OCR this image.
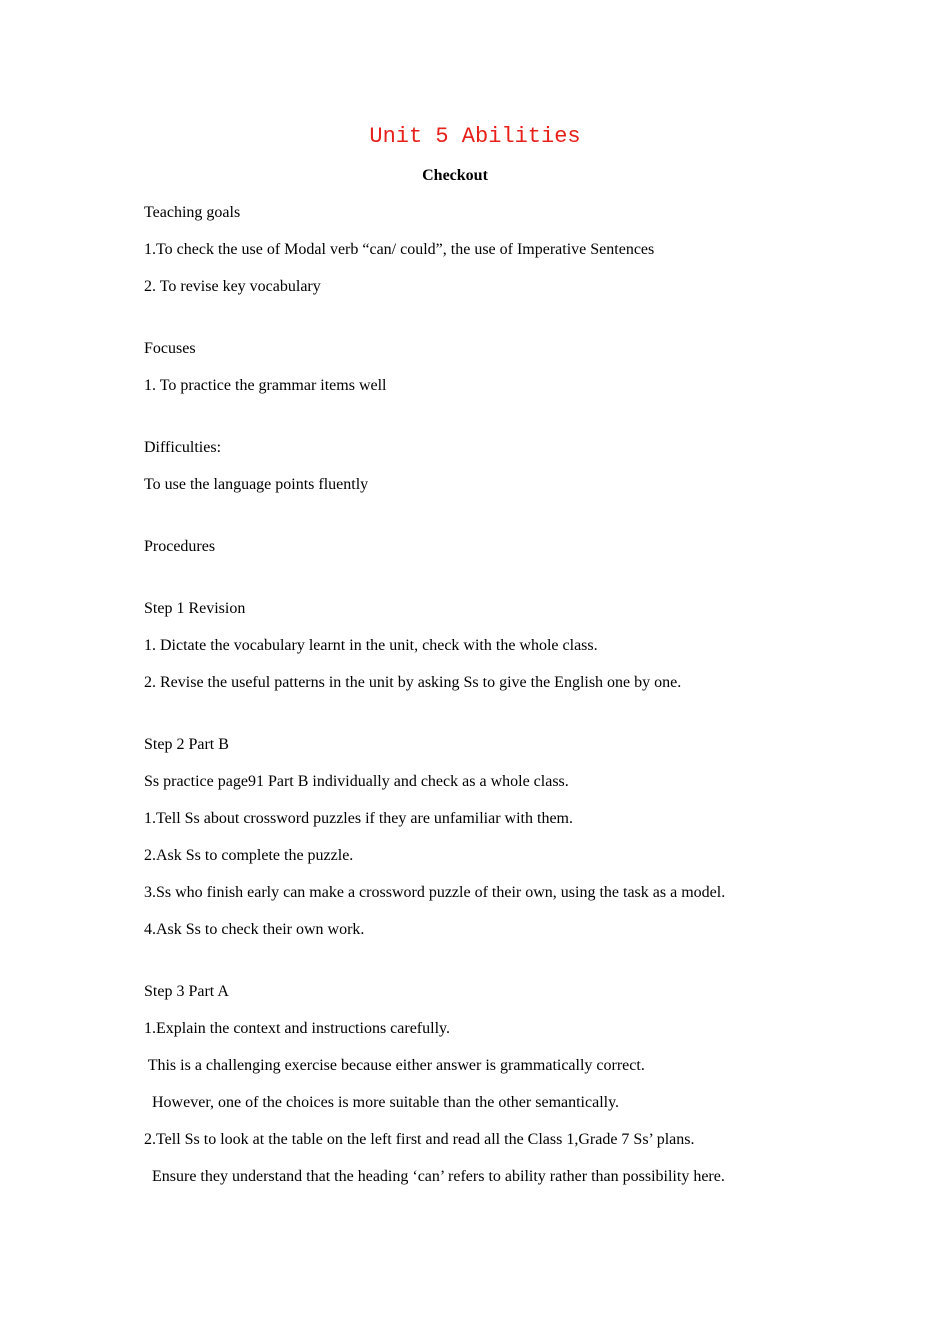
Unit 5 Abilities
Checkout

Teaching goals

1.To check the use of Modal verb “can/ could”, the use of Imperative Sentences

2. To revise key vocabulary

Focuses

1. To practice the grammar items well

Difficulties:

To use the language points fluently

Procedures

Step 1 Revision

1. Dictate the vocabulary learnt in the unit, check with the whole class.

2. Revise the useful patterns in the unit by asking Ss to give the English one by one.

Step 2 Part B

Ss practice page91 Part B individually and check as a whole class.

1.Tell Ss about crossword puzzles if they are unfamiliar with them.

2.Ask Ss to complete the puzzle.

3.Ss who finish early can make a crossword puzzle of their own, using the task as a model.

4.Ask Ss to check their own work.

Step 3 Part A

1.Explain the context and instructions carefully.

This is a challenging exercise because either answer is grammatically correct.

However, one of the choices is more suitable than the other semantically.

2.Tell Ss to look at the table on the left first and read all the Class 1,Grade 7 Ss’ plans.

Ensure they understand that the heading ‘can’ refers to ability rather than possibility here.
